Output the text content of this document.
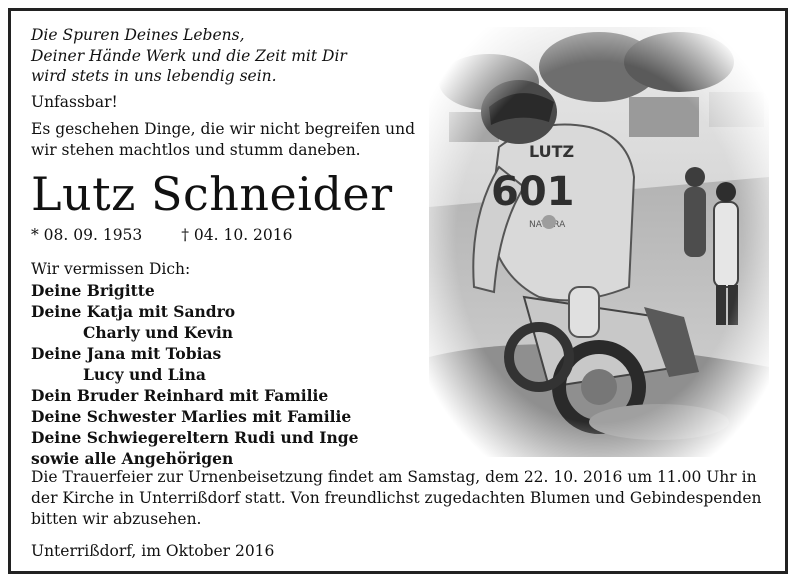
Die Spuren Deines Lebens,
Deiner Hände Werk und die Zeit mit Dir
wird stets in uns lebendig sein.
Unfassbar!
Es geschehen Dinge, die wir nicht begreifen und
wir stehen machtlos und stumm daneben.
Lutz Schneider
* 08. 09. 1953	† 04. 10. 2016
Wir vermissen Dich:
Deine Brigitte
Deine Katja mit Sandro
Charly und Kevin
Deine Jana mit Tobias
Lucy und Lina
Dein Bruder Reinhard mit Familie
Deine Schwester Marlies mit Familie
Deine Schwiegereltern Rudi und Inge
sowie alle Angehörigen
Die Trauerfeier zur Urnenbeisetzung findet am Samstag, dem 22. 10. 2016 um 11.00 Uhr in der Kirche in Unterrißdorf statt. Von freundlichst zugedachten Blumen und Gebindespenden bitten wir abzusehen.
Unterrißdorf, im Oktober 2016
